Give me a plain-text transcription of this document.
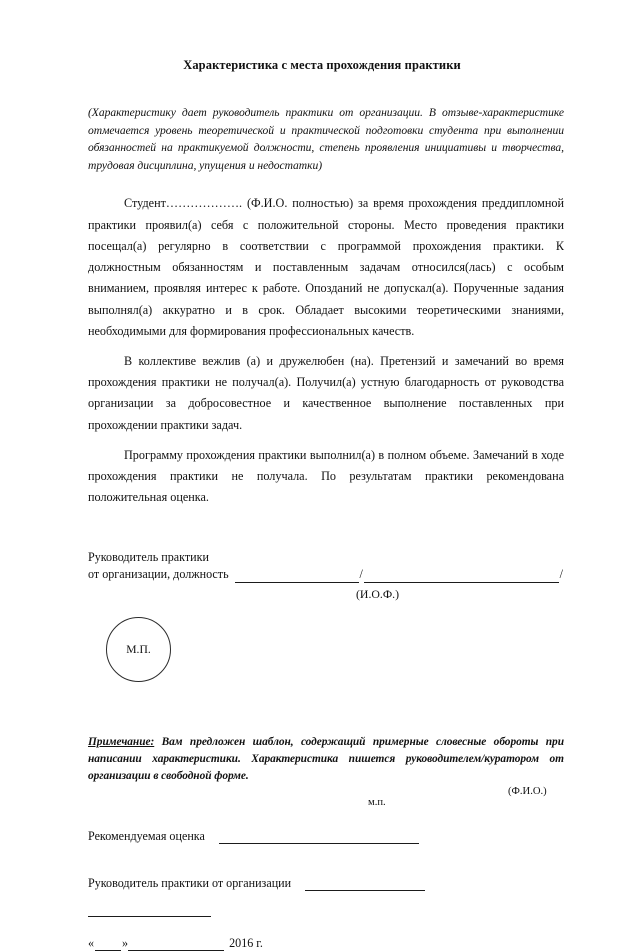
Характеристика с места прохождения практики

(Характеристику дает руководитель практики от организации. В отзыве-характеристике отмечается уровень теоретической и практической подготовки студента при выполнении обязанностей на практикуемой должности, степень проявления инициативы и творчества, трудовая дисциплина, упущения и недостатки)

Студент………………. (Ф.И.О. полностью) за время прохождения преддипломной практики проявил(а) себя с положительной стороны. Место проведения практики посещал(а) регулярно в соответствии с программой прохождения практики. К должностным обязанностям и поставленным задачам относился(лась) с особым вниманием, проявляя интерес к работе. Опозданий не допускал(а). Порученные задания выполнял(а) аккуратно и в срок. Обладает высокими теоретическими знаниями, необходимыми для формирования профессиональных качеств.

В коллективе вежлив (а) и дружелюбен (на). Претензий и замечаний во время прохождения практики не получал(а). Получил(а) устную благодарность от руководства организации за добросовестное и качественное выполнение поставленных при прохождении практики задач.

Программу прохождения практики выполнил(а) в полном объеме. Замечаний в ходе прохождения практики не получала. По результатам практики рекомендована положительная оценка.

Руководитель практики
от организации, должность	/	/
(И.О.Ф.)
М.П.

Примечание: Вам предложен шаблон, содержащий примерные словесные обороты при написании характеристики. Характеристика пишется руководителем/куратором от организации в свободной форме.

Рекомендуемая оценка
Руководитель практики от организации
« »	2016 г.
м.п.
(Ф.И.О.)
